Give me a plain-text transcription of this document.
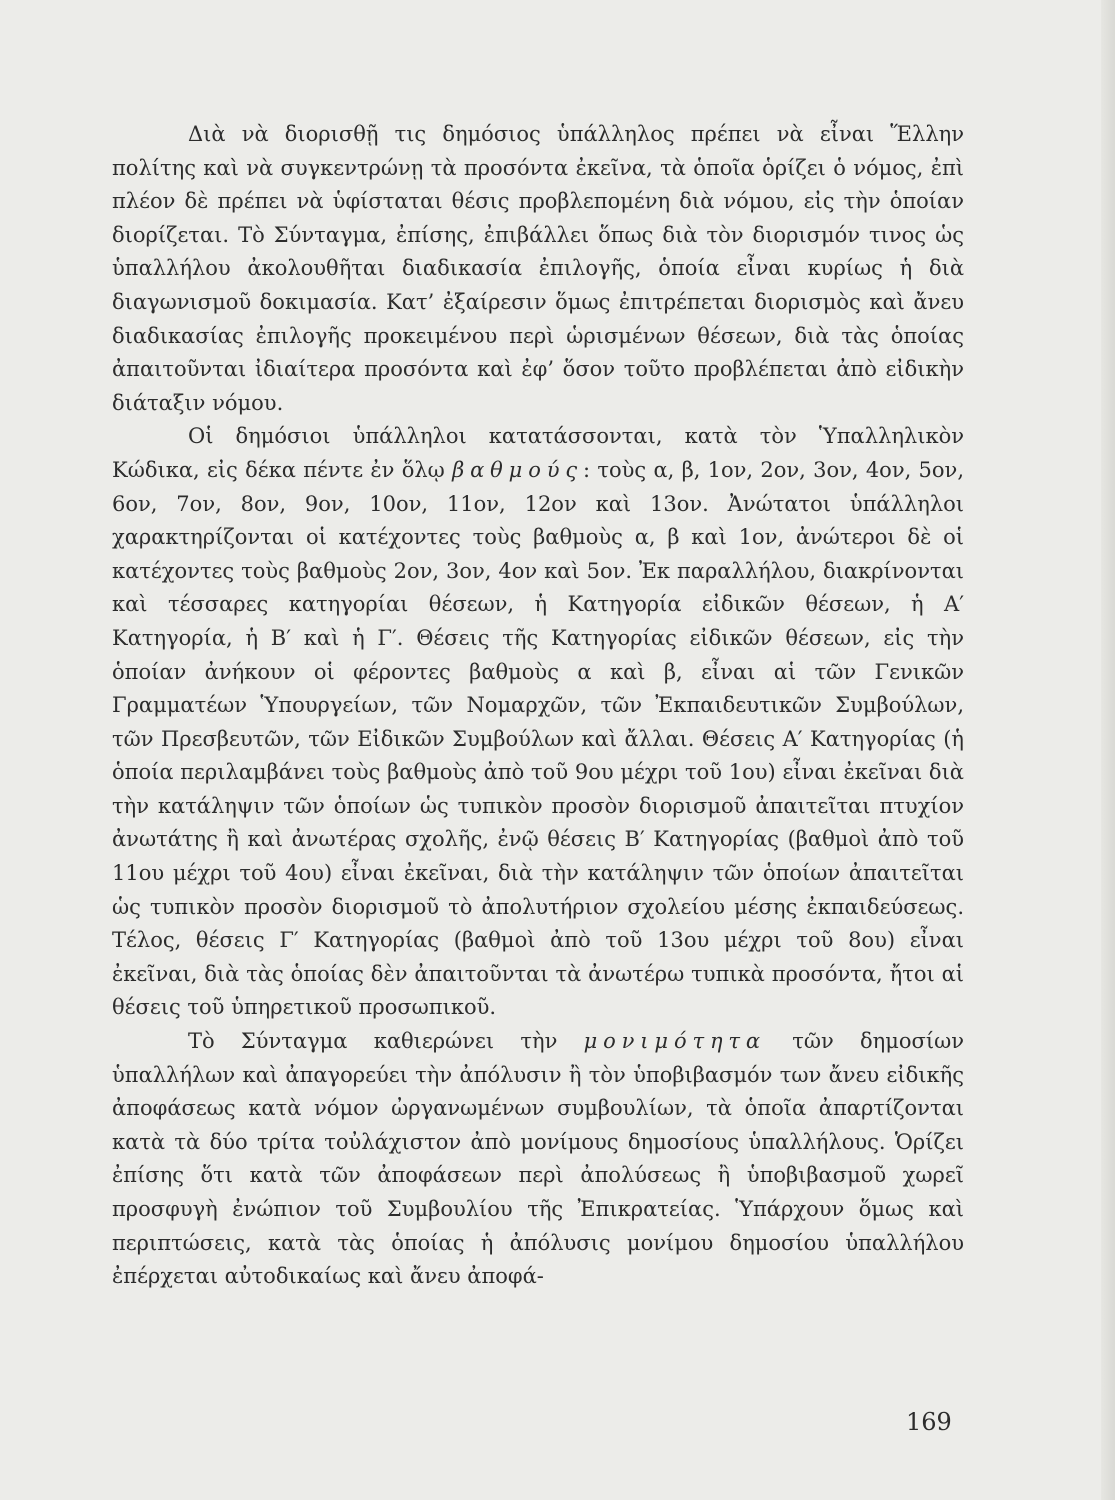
Διὰ νὰ διορισθῇ τις δημόσιος ὑπάλληλος πρέπει νὰ εἶναι Ἕλλην πολίτης καὶ νὰ συγκεντρώνῃ τὰ προσόντα ἐκεῖνα, τὰ ὁποῖα ὁρίζει ὁ νόμος, ἐπὶ πλέον δὲ πρέπει νὰ ὑφίσταται θέσις προβλεπομένη διὰ νόμου, εἰς τὴν ὁποίαν διορίζεται. Τὸ Σύνταγμα, ἐπίσης, ἐπιβάλλει ὅπως διὰ τὸν διορισμόν τινος ὡς ὑπαλλήλου ἀκολουθῆται διαδικασία ἐπιλογῆς, ὁποία εἶναι κυρίως ἡ διὰ διαγωνισμοῦ δοκιμασία. Κατ’ ἐξαίρεσιν ὅμως ἐπιτρέπεται διορισμὸς καὶ ἄνευ διαδικασίας ἐπιλογῆς προκειμένου περὶ ὡρισμένων θέσεων, διὰ τὰς ὁποίας ἀπαιτοῦνται ἰδιαίτερα προσόντα καὶ ἐφ’ ὅσον τοῦτο προβλέπεται ἀπὸ εἰδικὴν διάταξιν νόμου.

Οἱ δημόσιοι ὑπάλληλοι κατατάσσονται, κατὰ τὸν Ὑπαλληλικὸν Κώδικα, εἰς δέκα πέντε ἐν ὅλῳ βαθμούς: τοὺς α, β, 1ον, 2ον, 3ον, 4ον, 5ον, 6ον, 7ον, 8ον, 9ον, 10ον, 11ον, 12ον καὶ 13ον. Ἀνώτατοι ὑπάλληλοι χαρακτηρίζονται οἱ κατέχοντες τοὺς βαθμοὺς α, β καὶ 1ον, ἀνώτεροι δὲ οἱ κατέχοντες τοὺς βαθμοὺς 2ον, 3ον, 4ον καὶ 5ον. Ἐκ παραλλήλου, διακρίνονται καὶ τέσσαρες κατηγορίαι θέσεων, ἡ Κατηγορία εἰδικῶν θέσεων, ἡ Α′ Κατηγορία, ἡ Β′ καὶ ἡ Γ′. Θέσεις τῆς Κατηγορίας εἰδικῶν θέσεων, εἰς τὴν ὁποίαν ἀνήκουν οἱ φέροντες βαθμοὺς α καὶ β, εἶναι αἱ τῶν Γενικῶν Γραμματέων Ὑπουργείων, τῶν Νομαρχῶν, τῶν Ἐκπαιδευτικῶν Συμβούλων, τῶν Πρεσβευτῶν, τῶν Εἰδικῶν Συμβούλων καὶ ἄλλαι. Θέσεις Α′ Κατηγορίας (ἡ ὁποία περιλαμβάνει τοὺς βαθμοὺς ἀπὸ τοῦ 9ου μέχρι τοῦ 1ου) εἶναι ἐκεῖναι διὰ τὴν κατάληψιν τῶν ὁποίων ὡς τυπικὸν προσὸν διορισμοῦ ἀπαιτεῖται πτυχίον ἀνωτάτης ἢ καὶ ἀνωτέρας σχολῆς, ἐνῷ θέσεις Β′ Κατηγορίας (βαθμοὶ ἀπὸ τοῦ 11ου μέχρι τοῦ 4ου) εἶναι ἐκεῖναι, διὰ τὴν κατάληψιν τῶν ὁποίων ἀπαιτεῖται ὡς τυπικὸν προσὸν διορισμοῦ τὸ ἀπολυτήριον σχολείου μέσης ἐκπαιδεύσεως. Τέλος, θέσεις Γ′ Κατηγορίας (βαθμοὶ ἀπὸ τοῦ 13ου μέχρι τοῦ 8ου) εἶναι ἐκεῖναι, διὰ τὰς ὁποίας δὲν ἀπαιτοῦνται τὰ ἀνωτέρω τυπικὰ προσόντα, ἤτοι αἱ θέσεις τοῦ ὑπηρετικοῦ προσωπικοῦ.

Τὸ Σύνταγμα καθιερώνει τὴν μονιμότητα τῶν δημοσίων ὑπαλλήλων καὶ ἀπαγορεύει τὴν ἀπόλυσιν ἢ τὸν ὑποβιβασμόν των ἄνευ εἰδικῆς ἀποφάσεως κατὰ νόμον ὠργανωμένων συμβουλίων, τὰ ὁποῖα ἀπαρτίζονται κατὰ τὰ δύο τρίτα τοὐλάχιστον ἀπὸ μονίμους δημοσίους ὑπαλλήλους. Ὁρίζει ἐπίσης ὅτι κατὰ τῶν ἀποφάσεων περὶ ἀπολύσεως ἢ ὑποβιβασμοῦ χωρεῖ προσφυγὴ ἐνώπιον τοῦ Συμβουλίου τῆς Ἐπικρατείας. Ὑπάρχουν ὅμως καὶ περιπτώσεις, κατὰ τὰς ὁποίας ἡ ἀπόλυσις μονίμου δημοσίου ὑπαλλήλου ἐπέρχεται αὐτοδικαίως καὶ ἄνευ ἀποφά-

169
